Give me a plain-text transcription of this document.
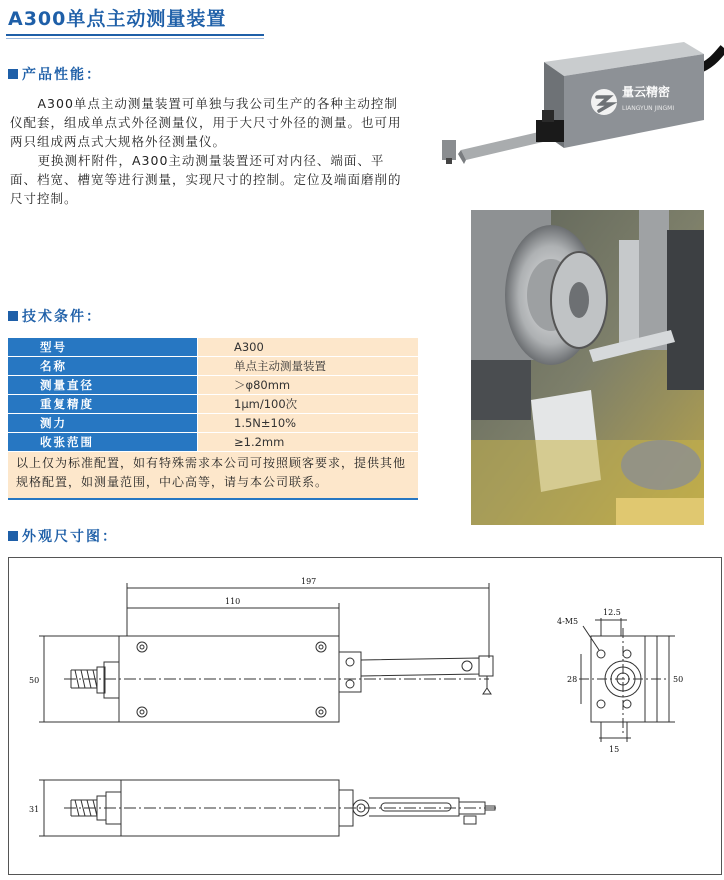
A300单点主动测量装置
产品性能：

A300单点主动测量装置可单独与我公司生产的各种主动控制仪配套，组成单点式外径测量仪，用于大尺寸外径的测量。也可用两只组成两点式大规格外径测量仪。

更换测杆附件，A300主动测量装置还可对内径、端面、平面、档宽、槽宽等进行测量，实现尺寸的控制。定位及端面磨削的尺寸控制。

技术条件：
型号	A300
名称	单点主动测量装置
测量直径	＞φ80mm
重复精度	1μm/100次
测力	1.5N±10%
收张范围	≥1.2mm
以上仅为标准配置，如有特殊需求本公司可按照顾客要求，提供其他规格配置，如测量范围，中心高等，请与本公司联系。
量云精密
LIANGYUN JINGMI
外观尺寸图：
197
110
50
4-M5
12.5
28	50
15
31
